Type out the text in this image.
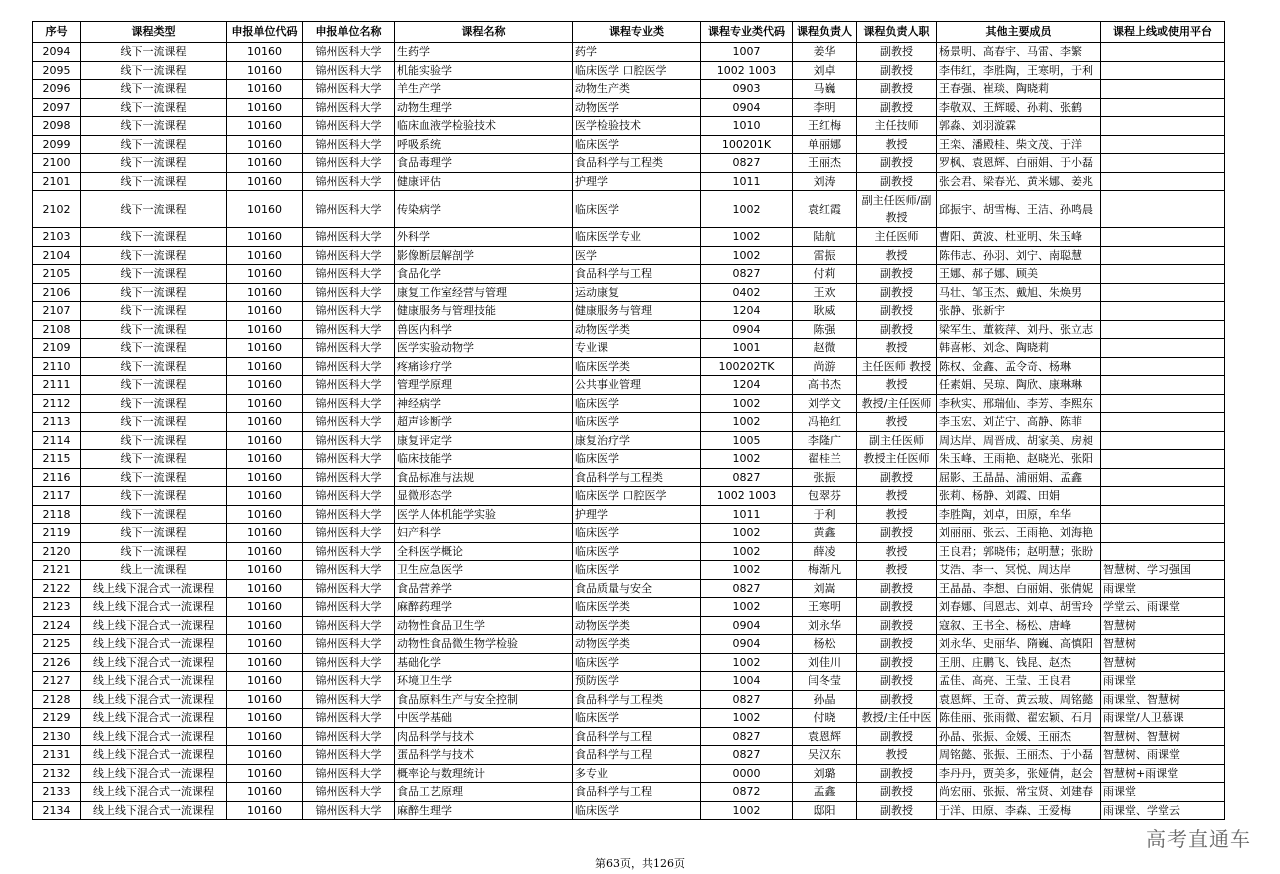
序号	课程类型	申报单位代码	申报单位名称	课程名称	课程专业类	课程专业类代码	课程负责人	课程负责人职	其他主要成员	课程上线或使用平台
2094	线下一流课程	10160	锦州医科大学	生药学	药学	1007	姜华	副教授	杨景明、高春宇、马雷、李繁	
2095	线下一流课程	10160	锦州医科大学	机能实验学	临床医学 口腔医学	1002 1003	刘卓	副教授	李伟红，李胜陶，王寒明，于利	
2096	线下一流课程	10160	锦州医科大学	羊生产学	动物生产类	0903	马巍	副教授	王春强、崔琰、陶晓莉	
2097	线下一流课程	10160	锦州医科大学	动物生理学	动物医学	0904	李明	副教授	李敬双、王辉暖、孙莉、张鹤	
2098	线下一流课程	10160	锦州医科大学	临床血液学检验技术	医学检验技术	1010	王红梅	主任技师	郭淼、刘羽漩霖	
2099	线下一流课程	10160	锦州医科大学	呼吸系统	临床医学	100201K	单丽娜	教授	王栾、潘殿桂、柴文茂、于洋	
2100	线下一流课程	10160	锦州医科大学	食品毒理学	食品科学与工程类	0827	王丽杰	副教授	罗枫、袁恩辉、白丽娟、于小磊	
2101	线下一流课程	10160	锦州医科大学	健康评估	护理学	1011	刘涛	副教授	张会君、梁春光、黄米娜、姜兆	
2102	线下一流课程	10160	锦州医科大学	传染病学	临床医学	1002	袁红霞	副主任医师/副教授	邱振宇、胡雪梅、王洁、孙鸣晨	
2103	线下一流课程	10160	锦州医科大学	外科学	临床医学专业	1002	陆航	主任医师	曹阳、黄波、杜亚明、朱玉峰	
2104	线下一流课程	10160	锦州医科大学	影像断层解剖学	医学	1002	雷振	教授	陈伟志、孙羽、刘宁、南聪慧	
2105	线下一流课程	10160	锦州医科大学	食品化学	食品科学与工程	0827	付莉	副教授	王娜、郝子娜、顾美	
2106	线下一流课程	10160	锦州医科大学	康复工作室经营与管理	运动康复	0402	王欢	副教授	马壮、邹玉杰、戴旭、朱焕男	
2107	线下一流课程	10160	锦州医科大学	健康服务与管理技能	健康服务与管理	1204	耿威	副教授	张静、张新宇	
2108	线下一流课程	10160	锦州医科大学	兽医内科学	动物医学类	0904	陈强	副教授	梁军生、董筱萍、刘丹、张立志	
2109	线下一流课程	10160	锦州医科大学	医学实验动物学	专业课	1001	赵微	教授	韩喜彬、刘念、陶晓莉	
2110	线下一流课程	10160	锦州医科大学	疼痛诊疗学	临床医学类	100202TK	尚游	主任医师 教授	陈权、金鑫、孟令奇、杨琳	
2111	线下一流课程	10160	锦州医科大学	管理学原理	公共事业管理	1204	高书杰	教授	任素娟、吴琼、陶欣、康琳琳	
2112	线下一流课程	10160	锦州医科大学	神经病学	临床医学	1002	刘学文	教授/主任医师	李秋实、邢瑞仙、李芳、李熙东	
2113	线下一流课程	10160	锦州医科大学	超声诊断学	临床医学	1002	冯艳红	教授	李玉宏、刘芷宁、高静、陈菲	
2114	线下一流课程	10160	锦州医科大学	康复评定学	康复治疗学	1005	李隆广	副主任医师	周达岸、周晋成、胡家美、房昶	
2115	线下一流课程	10160	锦州医科大学	临床技能学	临床医学	1002	翟桂兰	教授主任医师	朱玉峰、王雨艳、赵晓光、张阳	
2116	线下一流课程	10160	锦州医科大学	食品标准与法规	食品科学与工程类	0827	张振	副教授	屈影、王晶晶、浦丽娟、孟鑫	
2117	线下一流课程	10160	锦州医科大学	显微形态学	临床医学 口腔医学	1002 1003	包翠芬	教授	张莉、杨静、刘霞、田娟	
2118	线下一流课程	10160	锦州医科大学	医学人体机能学实验	护理学	1011	于利	教授	李胜陶，刘卓，田原，牟华	
2119	线下一流课程	10160	锦州医科大学	妇产科学	临床医学	1002	黄鑫	副教授	刘丽丽、张云、王雨艳、刘海艳	
2120	线下一流课程	10160	锦州医科大学	全科医学概论	临床医学	1002	薛凌	教授	王良君；郭晓伟；赵明慧；张盼	
2121	线上一流课程	10160	锦州医科大学	卫生应急医学	临床医学	1002	梅渐凡	教授	艾浩、李一、冥悦、周达岸	智慧树、学习强国
2122	线上线下混合式一流课程	10160	锦州医科大学	食品营养学	食品质量与安全	0827	刘嵩	副教授	王晶晶、李想、白丽娟、张倩妮	雨课堂
2123	线上线下混合式一流课程	10160	锦州医科大学	麻醉药理学	临床医学类	1002	王寒明	副教授	刘春娜、闫恩志、刘卓、胡雪玲	学堂云、雨课堂
2124	线上线下混合式一流课程	10160	锦州医科大学	动物性食品卫生学	动物医学类	0904	刘永华	副教授	寇叙、王书全、杨松、唐峰	智慧树
2125	线上线下混合式一流课程	10160	锦州医科大学	动物性食品微生物学检验	动物医学类	0904	杨松	副教授	刘永华、史丽华、隋巍、高慎阳	智慧树
2126	线上线下混合式一流课程	10160	锦州医科大学	基础化学	临床医学	1002	刘佳川	副教授	王朋、庄鹏飞、钱昆、赵杰	智慧树
2127	线上线下混合式一流课程	10160	锦州医科大学	环境卫生学	预防医学	1004	闫冬莹	副教授	孟佳、高亮、王莹、王良君	雨课堂
2128	线上线下混合式一流课程	10160	锦州医科大学	食品原料生产与安全控制	食品科学与工程类	0827	孙晶	副教授	袁恩辉、王奇、黄云玻、周铭懿	雨课堂、智慧树
2129	线上线下混合式一流课程	10160	锦州医科大学	中医学基础	临床医学	1002	付晓	教授/主任中医	陈佳丽、张雨微、翟宏颖、石月	雨课堂/人卫慕课
2130	线上线下混合式一流课程	10160	锦州医科大学	肉品科学与技术	食品科学与工程	0827	袁恩辉	副教授	孙晶、张振、金媛、王丽杰	智慧树、智慧树
2131	线上线下混合式一流课程	10160	锦州医科大学	蛋品科学与技术	食品科学与工程	0827	吴汉东	教授	周铭懿、张振、王丽杰、于小磊	智慧树、雨课堂
2132	线上线下混合式一流课程	10160	锦州医科大学	概率论与数理统计	多专业	0000	刘璐	副教授	李丹丹，贾美多，张娅倩，赵会	智慧树+雨课堂
2133	线上线下混合式一流课程	10160	锦州医科大学	食品工艺原理	食品科学与工程	0872	孟鑫	副教授	尚宏丽、张振、常宝贤、刘建春	雨课堂
2134	线上线下混合式一流课程	10160	锦州医科大学	麻醉生理学	临床医学	1002	邸阳	副教授	于洋、田原、李森、王爱梅	雨课堂、学堂云
第63页，共126页
高考直通车
